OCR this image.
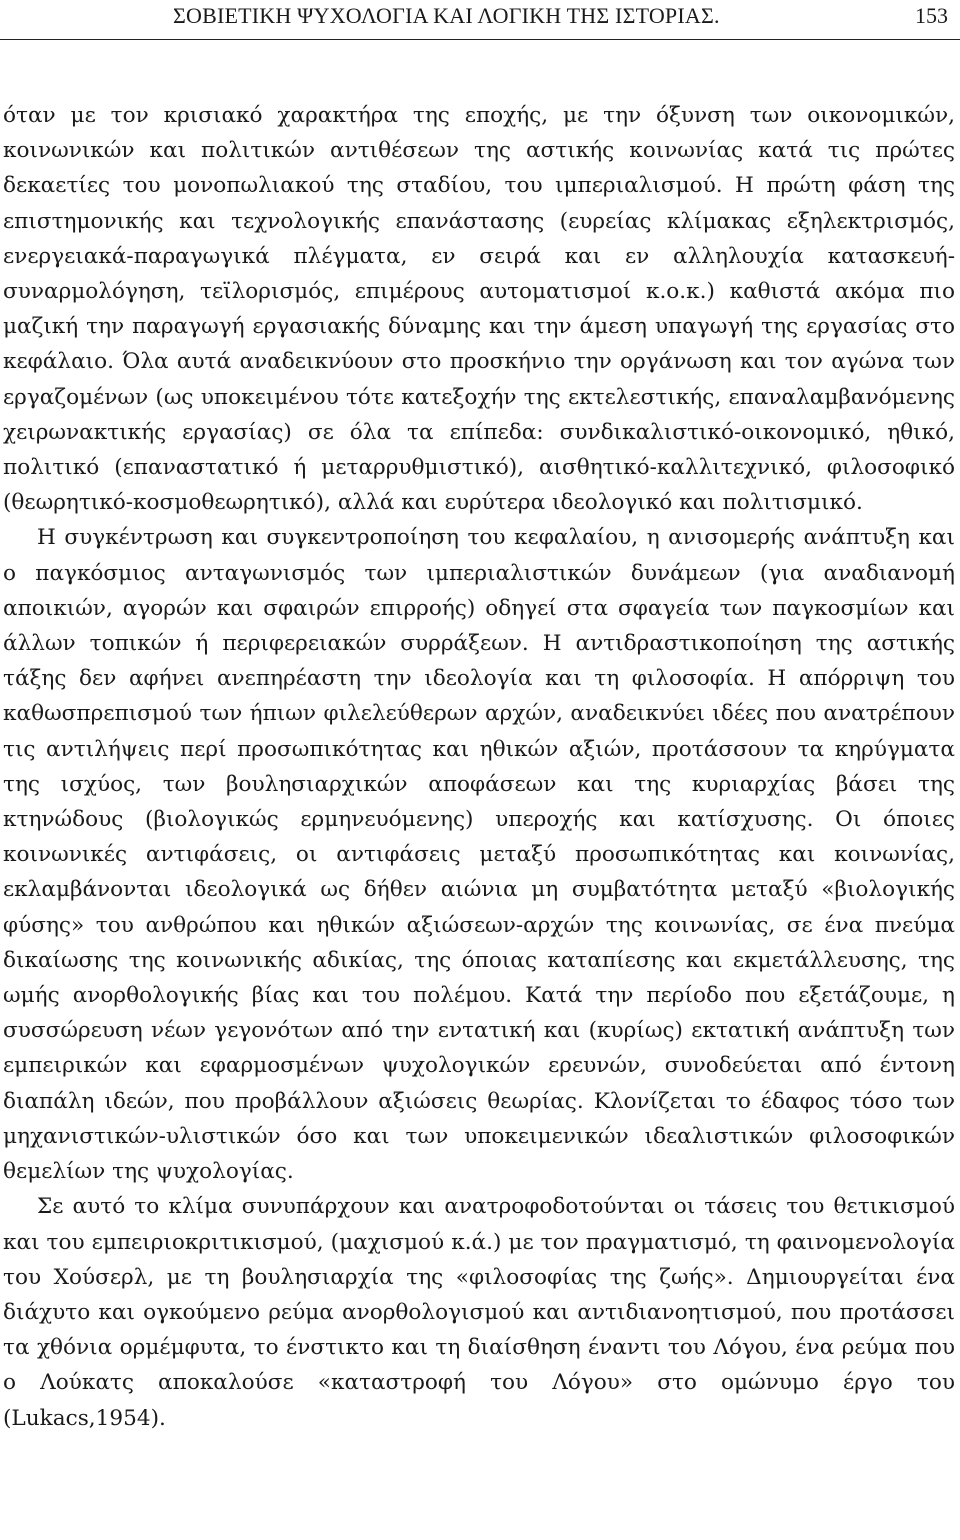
ΣΟΒΙΕΤΙΚΗ ΨΥΧΟΛΟΓΙΑ ΚΑΙ ΛΟΓΙΚΗ ΤΗΣ ΙΣΤΟΡΙΑΣ.	153

όταν με τον κρισιακό χαρακτήρα της εποχής, με την όξυνση των οικονομικών, κοινωνικών και πολιτικών αντιθέσεων της αστικής κοινωνίας κατά τις πρώτες δεκαετίες του μονοπωλιακού της σταδίου, του ιμπεριαλισμού. Η πρώτη φάση της επιστημονικής και τεχνολογικής επανάστασης (ευρείας κλίμακας εξηλεκτρισμός, ενεργειακά-παραγωγικά πλέγματα, εν σειρά και εν αλληλουχία κατασκευή-συναρμολόγηση, τεϊλορισμός, επιμέρους αυτοματισμοί κ.ο.κ.) καθιστά ακόμα πιο μαζική την παραγωγή εργασιακής δύναμης και την άμεση υπαγωγή της εργασίας στο κεφάλαιο. Όλα αυτά αναδεικνύουν στο προσκήνιο την οργάνωση και τον αγώνα των εργαζομένων (ως υποκειμένου τότε κατεξοχήν της εκτελεστικής, επαναλαμβανόμενης χειρωνακτικής εργασίας) σε όλα τα επίπεδα: συνδικαλιστικό-οικονομικό, ηθικό, πολιτικό (επαναστατικό ή μεταρρυθμιστικό), αισθητικό-καλλιτεχνικό, φιλοσοφικό (θεωρητικό-κοσμοθεωρητικό), αλλά και ευρύτερα ιδεολογικό και πολιτισμικό.

Η συγκέντρωση και συγκεντροποίηση του κεφαλαίου, η ανισομερής ανάπτυξη και ο παγκόσμιος ανταγωνισμός των ιμπεριαλιστικών δυνάμεων (για αναδιανομή αποικιών, αγορών και σφαιρών επιρροής) οδηγεί στα σφαγεία των παγκοσμίων και άλλων τοπικών ή περιφερειακών συρράξεων. Η αντιδραστικοποίηση της αστικής τάξης δεν αφήνει ανεπηρέαστη την ιδεολογία και τη φιλοσοφία. Η απόρριψη του καθωσπρεπισμού των ήπιων φιλελεύθερων αρχών, αναδεικνύει ιδέες που ανατρέπουν τις αντιλήψεις περί προσωπικότητας και ηθικών αξιών, προτάσσουν τα κηρύγματα της ισχύος, των βουλησιαρχικών αποφάσεων και της κυριαρχίας βάσει της κτηνώδους (βιολογικώς ερμηνευόμενης) υπεροχής και κατίσχυσης. Οι όποιες κοινωνικές αντιφάσεις, οι αντιφάσεις μεταξύ προσωπικότητας και κοινωνίας, εκλαμβάνονται ιδεολογικά ως δήθεν αιώνια μη συμβατότητα μεταξύ «βιολογικής φύσης» του ανθρώπου και ηθικών αξιώσεων-αρχών της κοινωνίας, σε ένα πνεύμα δικαίωσης της κοινωνικής αδικίας, της όποιας καταπίεσης και εκμετάλλευσης, της ωμής ανορθολογικής βίας και του πολέμου. Κατά την περίοδο που εξετάζουμε, η συσσώρευση νέων γεγονότων από την εντατική και (κυρίως) εκτατική ανάπτυξη των εμπειρικών και εφαρμοσμένων ψυχολογικών ερευνών, συνοδεύεται από έντονη διαπάλη ιδεών, που προβάλλουν αξιώσεις θεωρίας. Κλονίζεται το έδαφος τόσο των μηχανιστικών-υλιστικών όσο και των υποκειμενικών ιδεαλιστικών φιλοσοφικών θεμελίων της ψυχολογίας.

Σε αυτό το κλίμα συνυπάρχουν και ανατροφοδοτούνται οι τάσεις του θετικισμού και του εμπειριοκριτικισμού, (μαχισμού κ.ά.) με τον πραγματισμό, τη φαινομενολογία του Χούσερλ, με τη βουλησιαρχία της «φιλοσοφίας της ζωής». Δημιουργείται ένα διάχυτο και ογκούμενο ρεύμα ανορθολογισμού και αντιδιανοητισμού, που προτάσσει τα χθόνια ορμέμφυτα, το ένστικτο και τη διαίσθηση έναντι του Λόγου, ένα ρεύμα που ο Λούκατς αποκαλούσε «καταστροφή του Λόγου» στο ομώνυμο έργο του (Lukacs,1954).
